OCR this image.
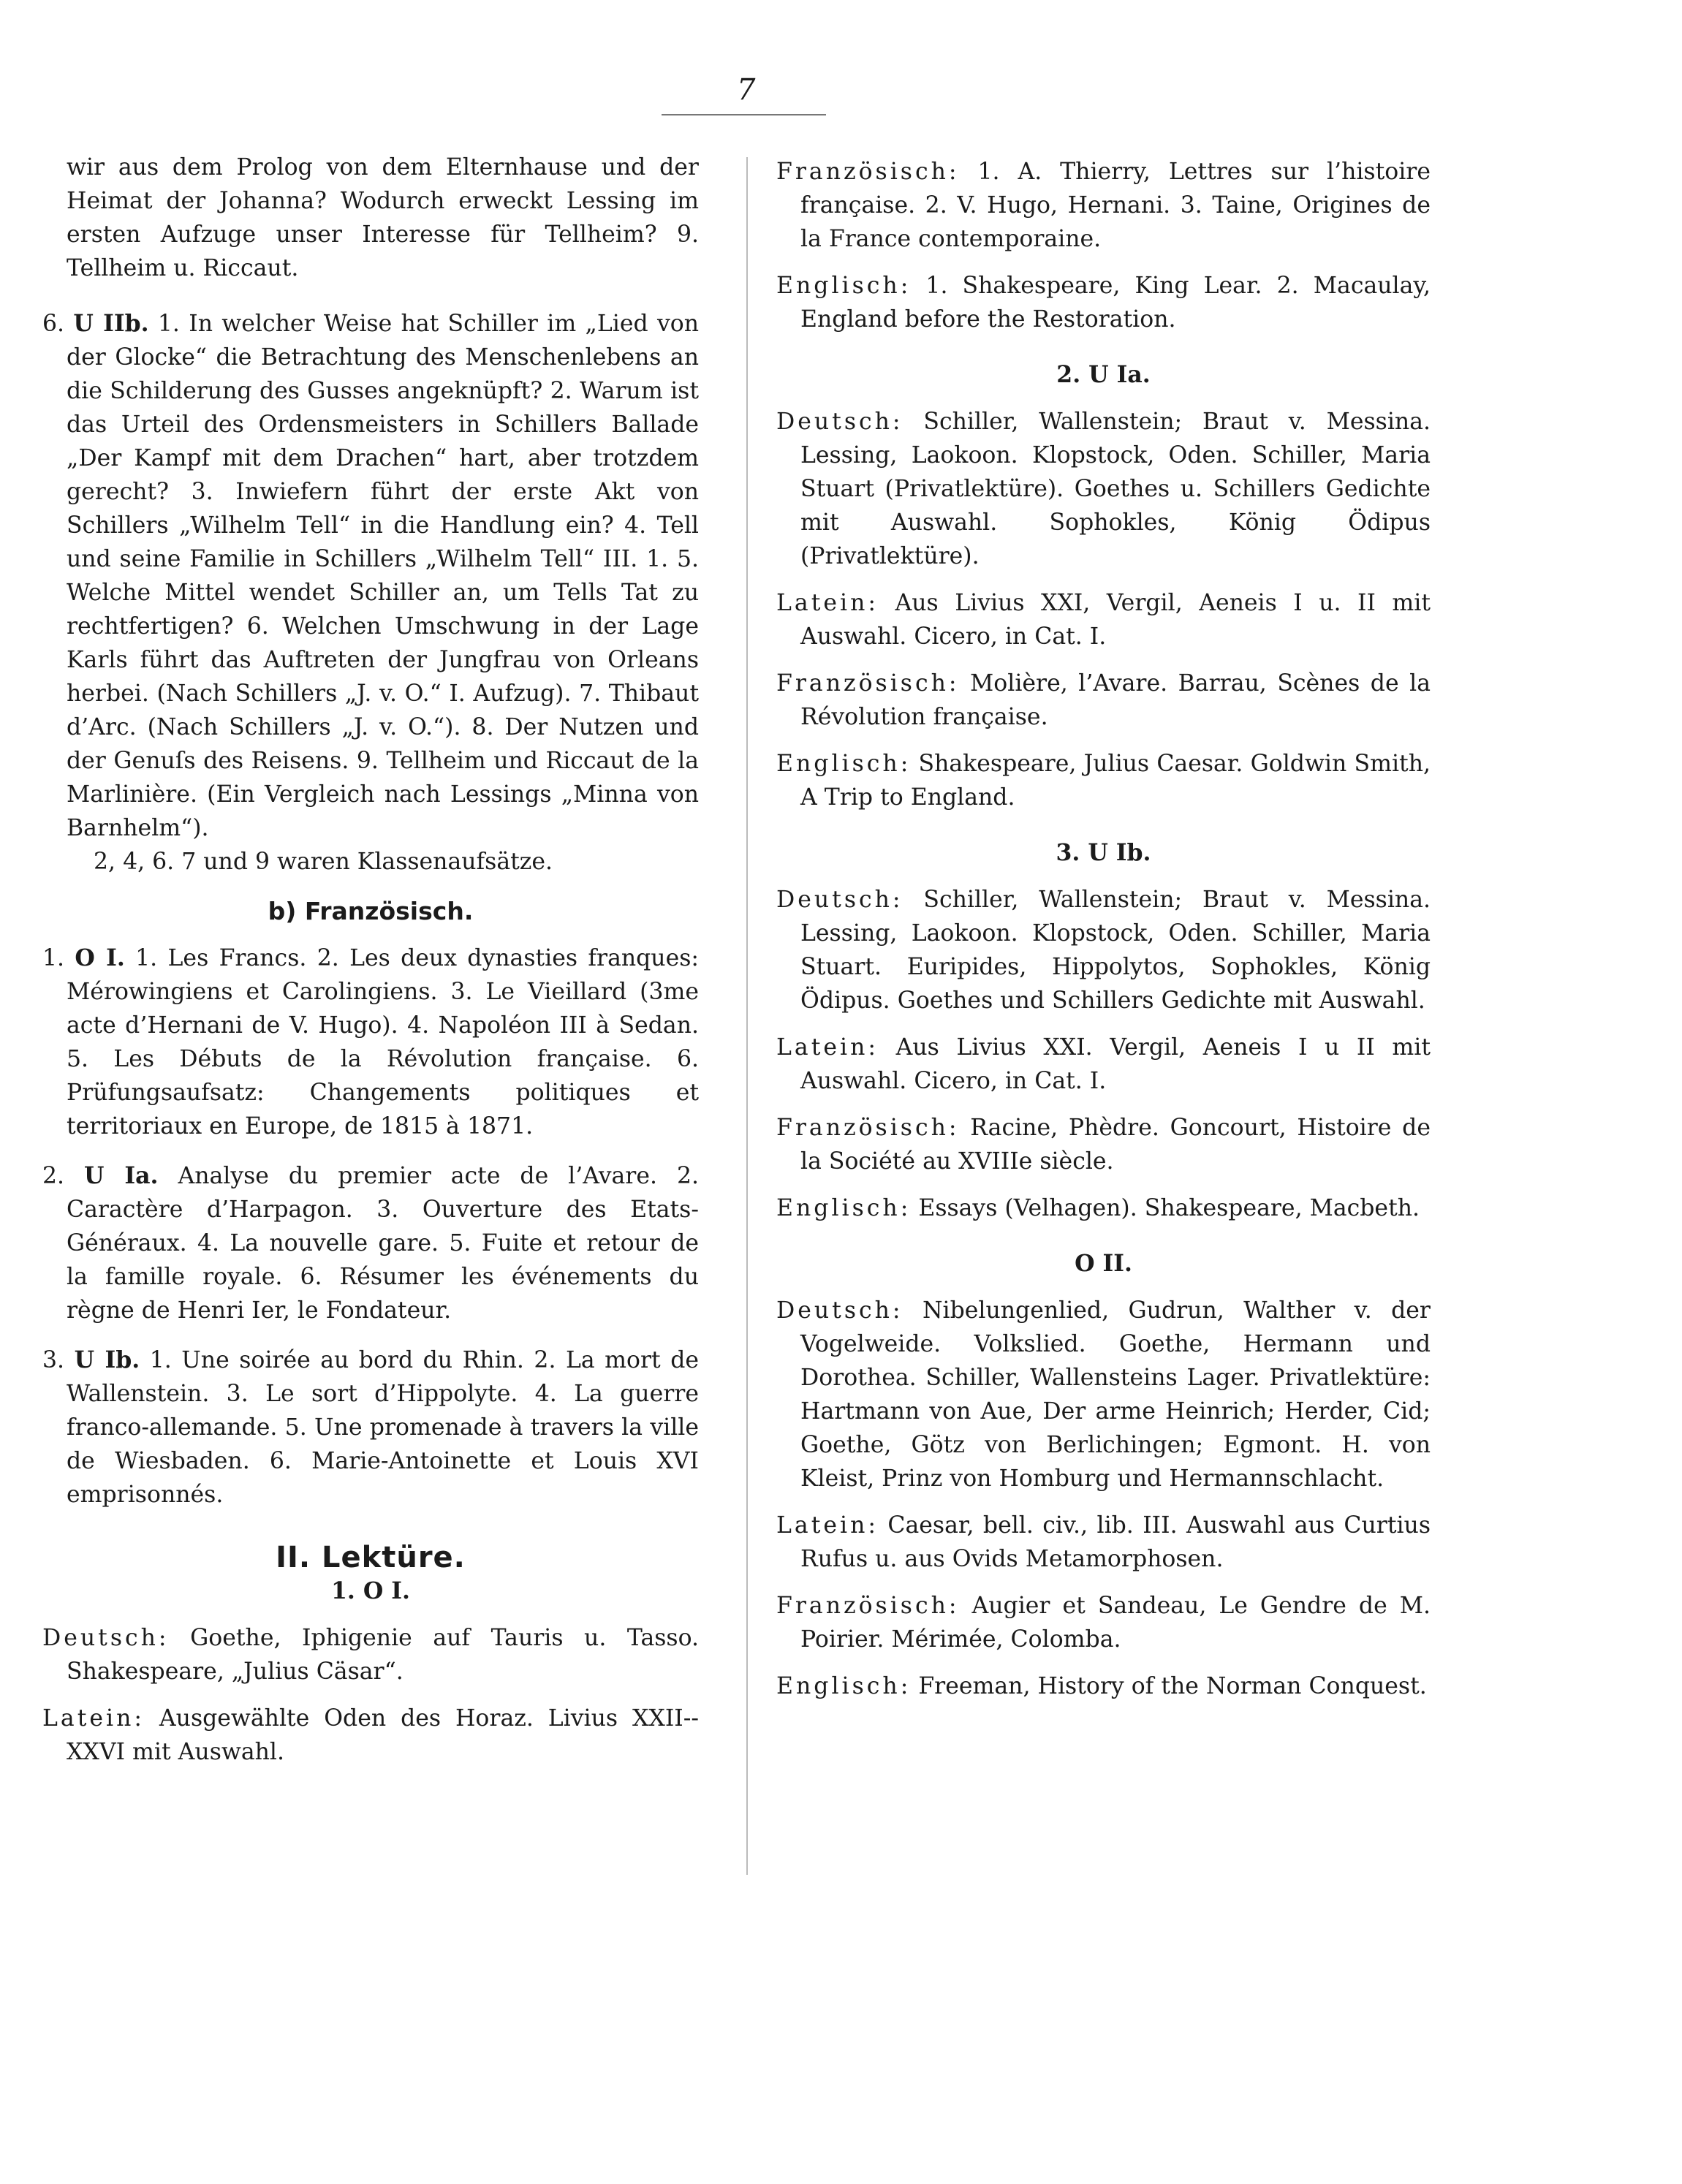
7

wir aus dem Prolog von dem Elternhause und der Heimat der Johanna? Wodurch erweckt Lessing im ersten Aufzuge unser Interesse für Tellheim? 9. Tellheim u. Riccaut.

6. U IIb. 1. In welcher Weise hat Schiller im „Lied von der Glocke“ die Betrachtung des Menschenlebens an die Schilderung des Gusses angeknüpft? 2. Warum ist das Urteil des Ordensmeisters in Schillers Ballade „Der Kampf mit dem Drachen“ hart, aber trotzdem gerecht? 3. Inwiefern führt der erste Akt von Schillers „Wilhelm Tell“ in die Handlung ein? 4. Tell und seine Familie in Schillers „Wilhelm Tell“ III. 1. 5. Welche Mittel wendet Schiller an, um Tells Tat zu rechtfertigen? 6. Welchen Umschwung in der Lage Karls führt das Auftreten der Jungfrau von Orleans herbei. (Nach Schillers „J. v. O.“ I. Aufzug). 7. Thibaut d’Arc. (Nach Schillers „J. v. O.“). 8. Der Nutzen und der Genuſs des Reisens. 9. Tellheim und Riccaut de la Marlinière. (Ein Vergleich nach Lessings „Minna von Barnhelm“).

2, 4, 6. 7 und 9 waren Klassenaufsätze.

b) Französisch.

1. O I. 1. Les Francs. 2. Les deux dynasties franques: Mérowingiens et Carolingiens. 3. Le Vieillard (3me acte d’Hernani de V. Hugo). 4. Napoléon III à Sedan. 5. Les Débuts de la Révolution française. 6. Prüfungsaufsatz: Changements politiques et territoriaux en Europe, de 1815 à 1871.

2. U Ia. Analyse du premier acte de l’Avare. 2. Caractère d’Harpagon. 3. Ouverture des Etats-Généraux. 4. La nouvelle gare. 5. Fuite et retour de la famille royale. 6. Résumer les événements du règne de Henri Ier, le Fondateur.

3. U Ib. 1. Une soirée au bord du Rhin. 2. La mort de Wallenstein. 3. Le sort d’Hippolyte. 4. La guerre franco-allemande. 5. Une promenade à travers la ville de Wiesbaden. 6. Marie-Antoinette et Louis XVI emprisonnés.

II. Lektüre.

1. O I.

Deutsch: Goethe, Iphigenie auf Tauris u. Tasso. Shakespeare, „Julius Cäsar“.

Latein: Ausgewählte Oden des Horaz. Livius XXII--XXVI mit Auswahl.

Französisch: 1. A. Thierry, Lettres sur l’histoire française. 2. V. Hugo, Hernani. 3. Taine, Origines de la France contemporaine.

Englisch: 1. Shakespeare, King Lear. 2. Macaulay, England before the Restoration.

2. U Ia.

Deutsch: Schiller, Wallenstein; Braut v. Messina. Lessing, Laokoon. Klopstock, Oden. Schiller, Maria Stuart (Privatlektüre). Goethes u. Schillers Gedichte mit Auswahl. Sophokles, König Ödipus (Privatlektüre).

Latein: Aus Livius XXI, Vergil, Aeneis I u. II mit Auswahl. Cicero, in Cat. I.

Französisch: Molière, l’Avare. Barrau, Scènes de la Révolution française.

Englisch: Shakespeare, Julius Caesar. Goldwin Smith, A Trip to England.

3. U Ib.

Deutsch: Schiller, Wallenstein; Braut v. Messina. Lessing, Laokoon. Klopstock, Oden. Schiller, Maria Stuart. Euripides, Hippolytos, Sophokles, König Ödipus. Goethes und Schillers Gedichte mit Auswahl.

Latein: Aus Livius XXI. Vergil, Aeneis I u II mit Auswahl. Cicero, in Cat. I.

Französisch: Racine, Phèdre. Goncourt, Histoire de la Société au XVIIIe siècle.

Englisch: Essays (Velhagen). Shakespeare, Macbeth.

O II.

Deutsch: Nibelungenlied, Gudrun, Walther v. der Vogelweide. Volkslied. Goethe, Hermann und Dorothea. Schiller, Wallensteins Lager. Privatlektüre: Hartmann von Aue, Der arme Heinrich; Herder, Cid; Goethe, Götz von Berlichingen; Egmont. H. von Kleist, Prinz von Homburg und Hermannschlacht.

Latein: Caesar, bell. civ., lib. III. Auswahl aus Curtius Rufus u. aus Ovids Metamorphosen.

Französisch: Augier et Sandeau, Le Gendre de M. Poirier. Mérimée, Colomba.

Englisch: Freeman, History of the Norman Conquest.
